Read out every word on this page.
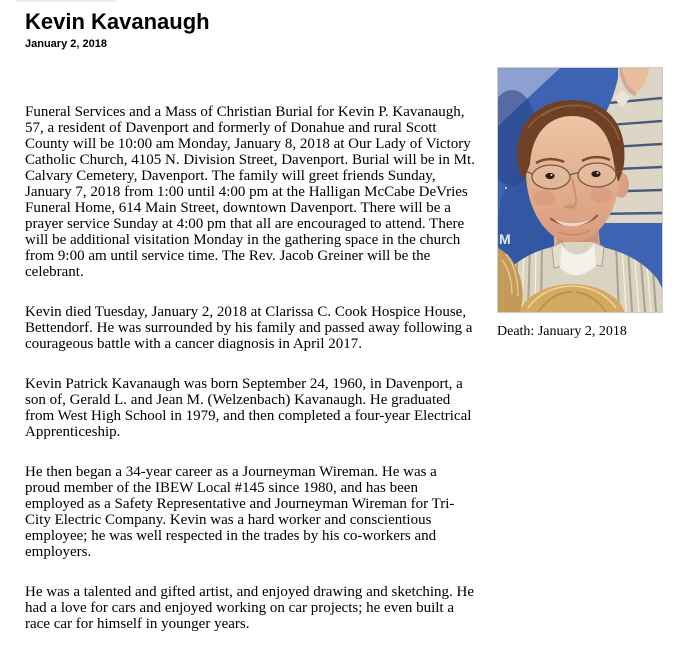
Kevin Kavanaugh
January 2, 2018

Funeral Services and a Mass of Christian Burial for Kevin P. Kavanaugh, 57, a resident of Davenport and formerly of Donahue and rural Scott County will be 10:00 am Monday, January 8, 2018 at Our Lady of Victory Catholic Church, 4105 N. Division Street, Davenport. Burial will be in Mt. Calvary Cemetery, Davenport. The family will greet friends Sunday, January 7, 2018 from 1:00 until 4:00 pm at the Halligan McCabe DeVries Funeral Home, 614 Main Street, downtown Davenport. There will be a prayer service Sunday at 4:00 pm that all are encouraged to attend. There will be additional visitation Monday in the gathering space in the church from 9:00 am until service time. The Rev. Jacob Greiner will be the celebrant.

Kevin died Tuesday, January 2, 2018 at Clarissa C. Cook Hospice House, Bettendorf. He was surrounded by his family and passed away following a courageous battle with a cancer diagnosis in April 2017.

Kevin Patrick Kavanaugh was born September 24, 1960, in Davenport, a son of, Gerald L. and Jean M. (Welzenbach) Kavanaugh. He graduated from West High School in 1979, and then completed a four-year Electrical Apprenticeship.

He then began a 34-year career as a Journeyman Wireman. He was a proud member of the IBEW Local #145 since 1980, and has been employed as a Safety Representative and Journeyman Wireman for Tri-City Electric Company. Kevin was a hard worker and conscientious employee; he was well respected in the trades by his co-workers and employers.

He was a talented and gifted artist, and enjoyed drawing and sketching. He had a love for cars and enjoyed working on car projects; he even built a race car for himself in younger years.

M
Death: January 2, 2018
